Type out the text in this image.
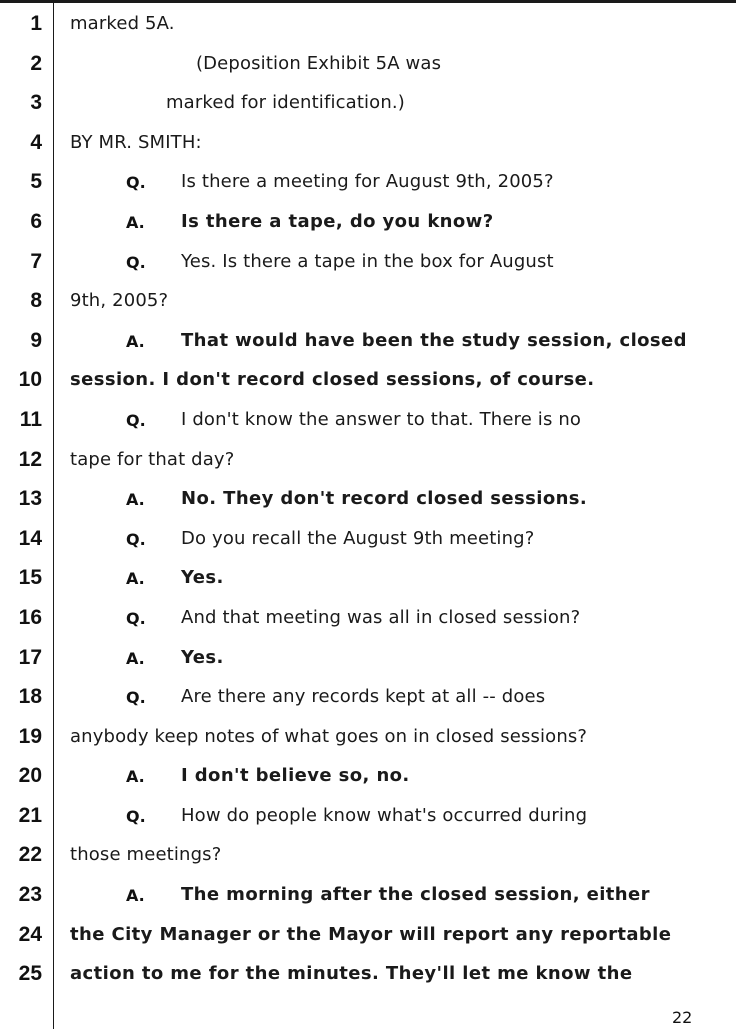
1 marked 5A.
2	(Deposition Exhibit 5A was
3	marked for identification.)
4 BY MR. SMITH:
5	Q. Is there a meeting for August 9th, 2005?
6	A. Is there a tape, do you know?
7	Q. Yes. Is there a tape in the box for August
8 9th, 2005?
9	A. That would have been the study session, closed
10 session. I don't record closed sessions, of course.
11	Q. I don't know the answer to that. There is no
12 tape for that day?
13	A. No. They don't record closed sessions.
14	Q. Do you recall the August 9th meeting?
15	A. Yes.
16	Q. And that meeting was all in closed session?
17	A. Yes.
18	Q. Are there any records kept at all -- does
19 anybody keep notes of what goes on in closed sessions?
20	A. I don't believe so, no.
21	Q. How do people know what's occurred during
22 those meetings?
23	A. The morning after the closed session, either
24 the City Manager or the Mayor will report any reportable
25 action to me for the minutes. They'll let me know the
22
